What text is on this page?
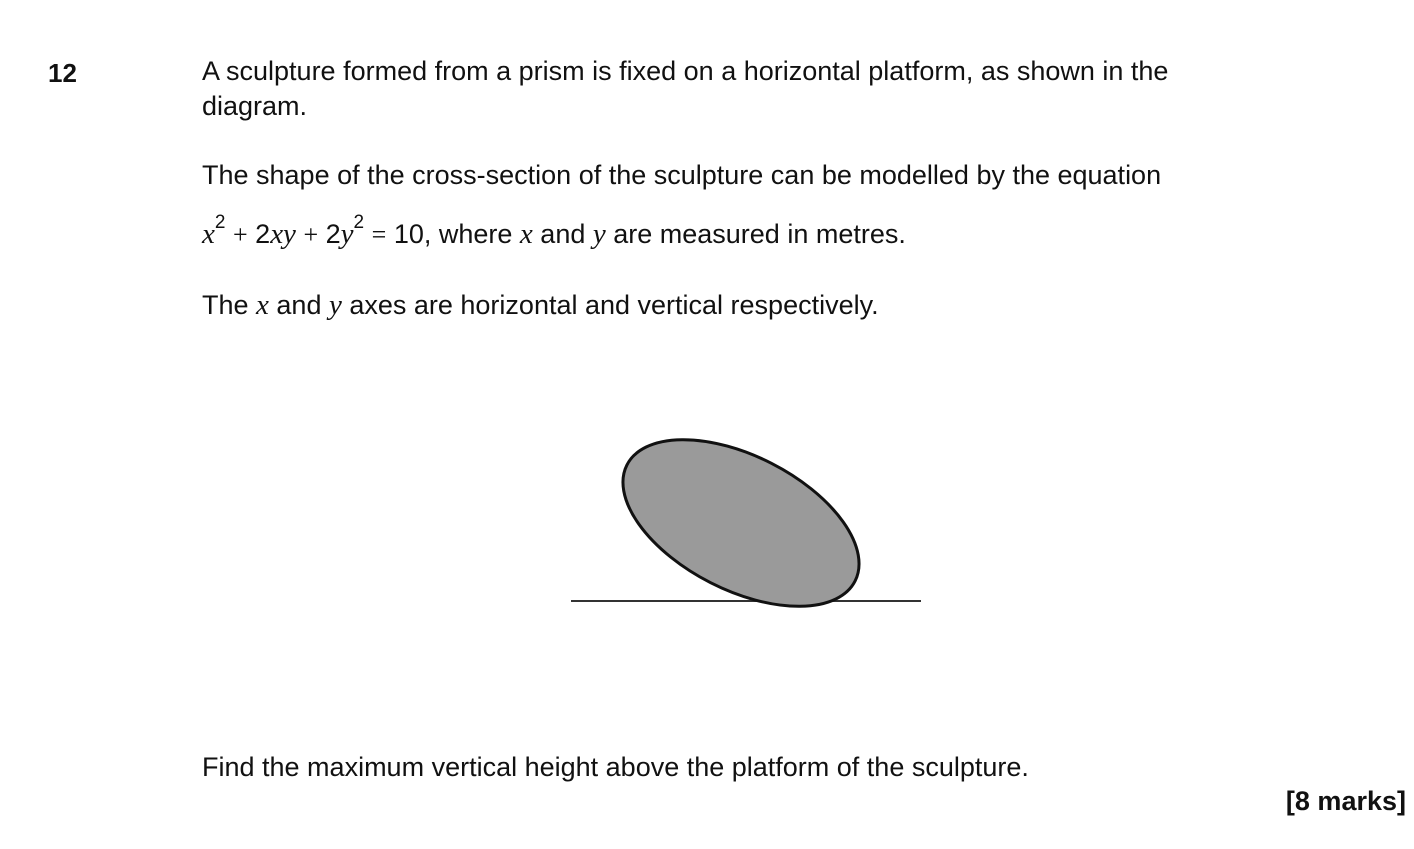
12	A sculpture formed from a prism is fixed on a horizontal platform, as shown in the
diagram.
The shape of the cross-section of the sculpture can be modelled by the equation
$x^2 + 2xy + 2y^2 = 10$, where x and y are measured in metres.
The x and y axes are horizontal and vertical respectively.
Find the maximum vertical height above the platform of the sculpture.
[8 marks]
